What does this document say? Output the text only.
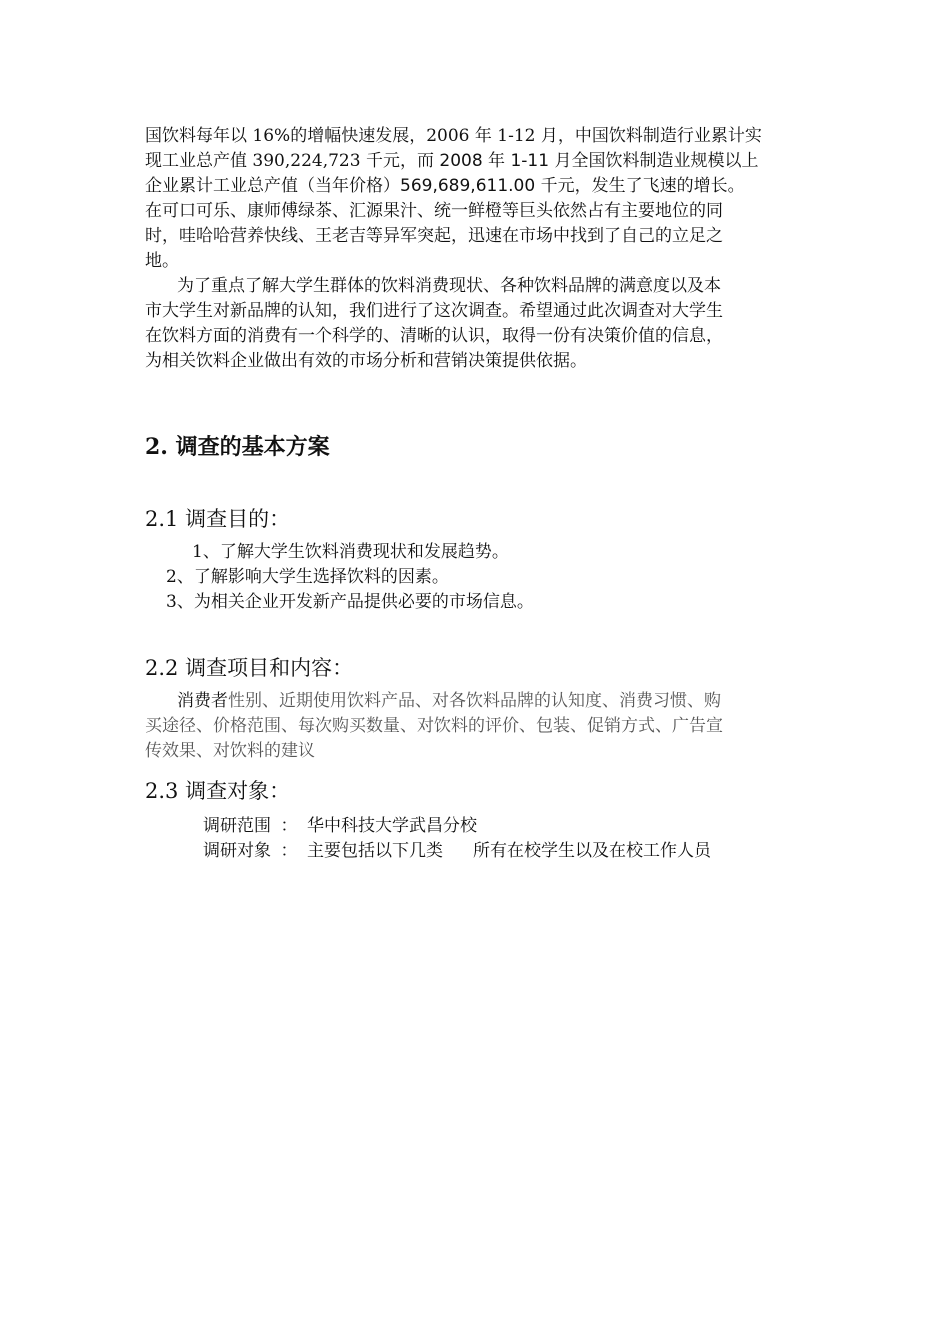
国饮料每年以 16%的增幅快速发展，2006 年 1-12 月，中国饮料制造行业累计实
现工业总产值 390,224,723 千元，而 2008 年 1-11 月全国饮料制造业规模以上
企业累计工业总产值（当年价格）569,689,611.00 千元，发生了飞速的增长。
在可口可乐、康师傅绿茶、汇源果汁、统一鲜橙等巨头依然占有主要地位的同
时，哇哈哈营养快线、王老吉等异军突起，迅速在市场中找到了自己的立足之
地。

为了重点了解大学生群体的饮料消费现状、各种饮料品牌的满意度以及本
市大学生对新品牌的认知，我们进行了这次调查。希望通过此次调查对大学生
在饮料方面的消费有一个科学的、清晰的认识，取得一份有决策价值的信息，
为相关饮料企业做出有效的市场分析和营销决策提供依据。

2. 调查的基本方案
2.1 调查目的：

1、了解大学生饮料消费现状和发展趋势。

2、了解影响大学生选择饮料的因素。

3、为相关企业开发新产品提供必要的市场信息。

2.2 调查项目和内容：

消费者性别、近期使用饮料产品、对各饮料品牌的认知度、消费习惯、购
买途径、价格范围、每次购买数量、对饮料的评价、包装、促销方式、广告宣
传效果、对饮料的建议

2.3 调查对象：

调研范围 ： 华中科技大学武昌分校

调研对象 ： 主要包括以下几类 所有在校学生以及在校工作人员
